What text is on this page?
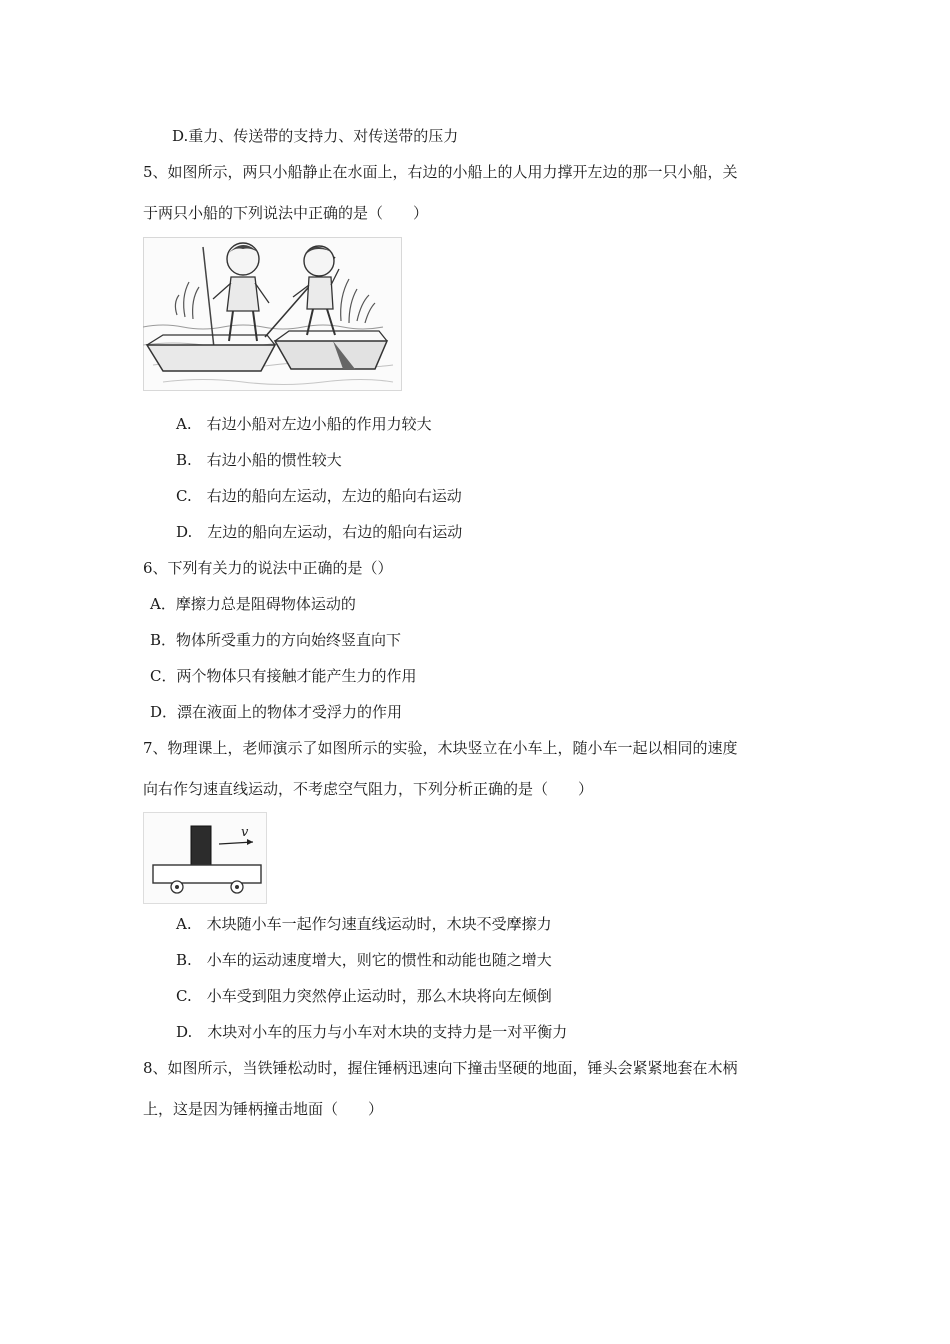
D.重力、传送带的支持力、对传送带的压力
5、如图所示，两只小船静止在水面上，右边的小船上的人用力撑开左边的那一只小船，关
于两只小船的下列说法中正确的是（　　）
A.　右边小船对左边小船的作用力较大
B.　右边小船的惯性较大
C.　右边的船向左运动，左边的船向右运动
D.　左边的船向左运动，右边的船向右运动
6、下列有关力的说法中正确的是（）
A．摩擦力总是阻碍物体运动的
B．物体所受重力的方向始终竖直向下
C．两个物体只有接触才能产生力的作用
D．漂在液面上的物体才受浮力的作用
7、物理课上，老师演示了如图所示的实验，木块竖立在小车上，随小车一起以相同的速度
向右作匀速直线运动，不考虑空气阻力，下列分析正确的是（　　）
v
A.　木块随小车一起作匀速直线运动时，木块不受摩擦力
B.　小车的运动速度增大，则它的惯性和动能也随之增大
C.　小车受到阻力突然停止运动时，那么木块将向左倾倒
D.　木块对小车的压力与小车对木块的支持力是一对平衡力
8、如图所示，当铁锤松动时，握住锤柄迅速向下撞击坚硬的地面，锤头会紧紧地套在木柄
上，这是因为锤柄撞击地面（　　）
